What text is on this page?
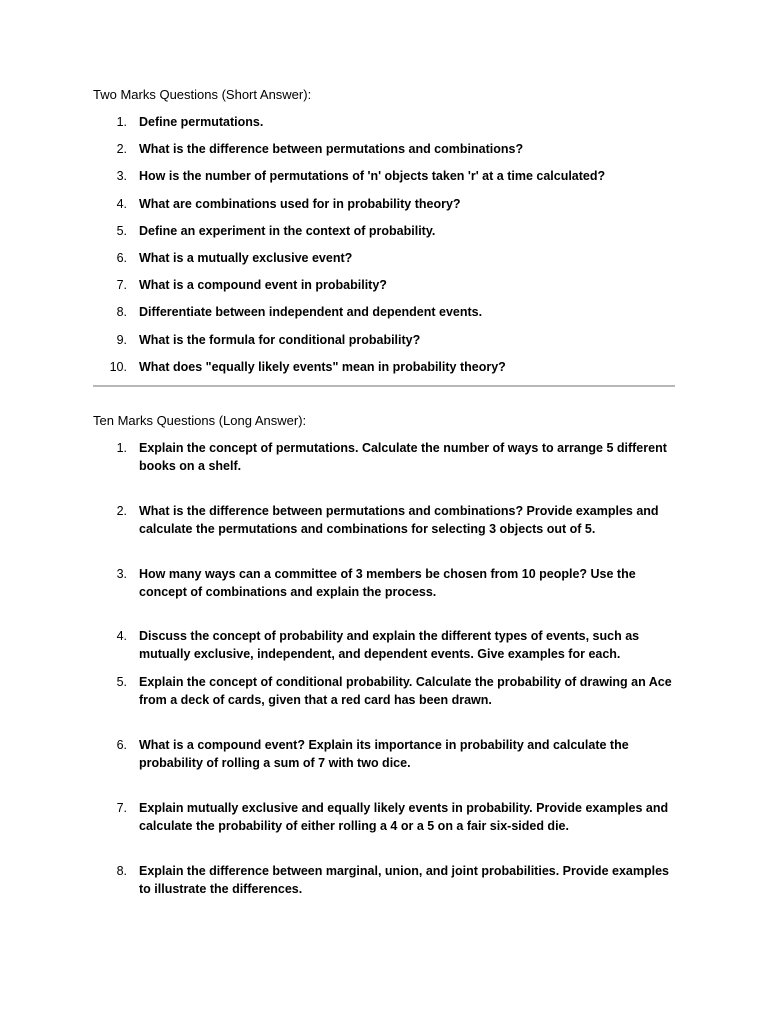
Two Marks Questions (Short Answer):
1. Define permutations.
2. What is the difference between permutations and combinations?
3. How is the number of permutations of 'n' objects taken 'r' at a time calculated?
4. What are combinations used for in probability theory?
5. Define an experiment in the context of probability.
6. What is a mutually exclusive event?
7. What is a compound event in probability?
8. Differentiate between independent and dependent events.
9. What is the formula for conditional probability?
10. What does "equally likely events" mean in probability theory?
Ten Marks Questions (Long Answer):
1. Explain the concept of permutations. Calculate the number of ways to arrange 5 different books on a shelf.
2. What is the difference between permutations and combinations? Provide examples and calculate the permutations and combinations for selecting 3 objects out of 5.
3. How many ways can a committee of 3 members be chosen from 10 people? Use the concept of combinations and explain the process.
4. Discuss the concept of probability and explain the different types of events, such as mutually exclusive, independent, and dependent events. Give examples for each.
5. Explain the concept of conditional probability. Calculate the probability of drawing an Ace from a deck of cards, given that a red card has been drawn.
6. What is a compound event? Explain its importance in probability and calculate the probability of rolling a sum of 7 with two dice.
7. Explain mutually exclusive and equally likely events in probability. Provide examples and calculate the probability of either rolling a 4 or a 5 on a fair six-sided die.
8. Explain the difference between marginal, union, and joint probabilities. Provide examples to illustrate the differences.
